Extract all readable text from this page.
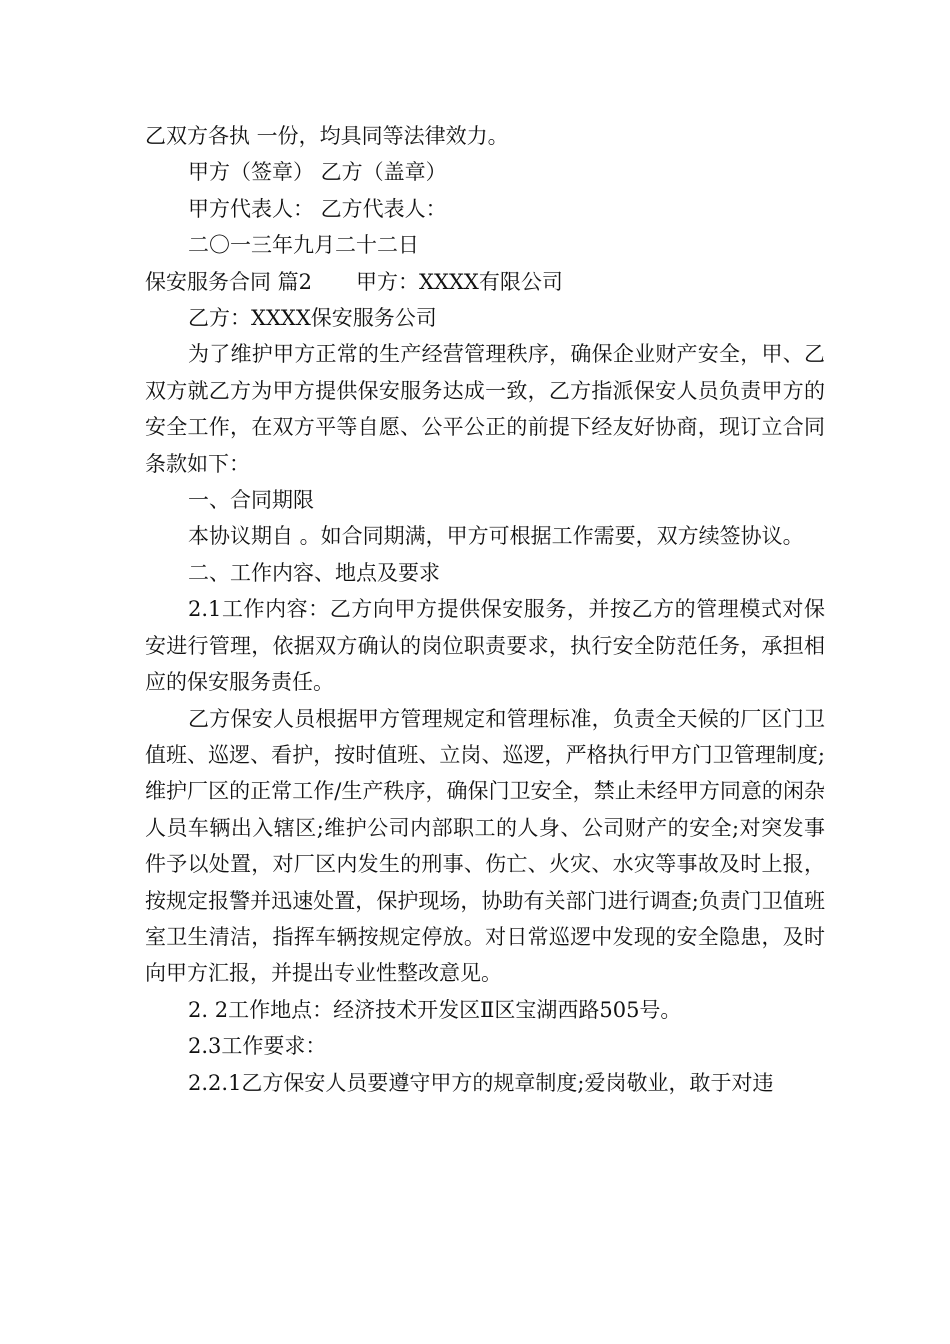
乙双方各执 一份，均具同等法律效力。

甲方（签章） 乙方（盖章）

甲方代表人： 乙方代表人：

二〇一三年九月二十二日

保安服务合同 篇2 甲方：XXXX有限公司

乙方：XXXX保安服务公司

为了维护甲方正常的生产经营管理秩序，确保企业财产安全，甲、乙双方就乙方为甲方提供保安服务达成一致，乙方指派保安人员负责甲方的安全工作，在双方平等自愿、公平公正的前提下经友好协商，现订立合同条款如下：

一、合同期限

本协议期自 。如合同期满，甲方可根据工作需要，双方续签协议。

二、工作内容、地点及要求

2.1工作内容：乙方向甲方提供保安服务，并按乙方的管理模式对保安进行管理，依据双方确认的岗位职责要求，执行安全防范任务，承担相应的保安服务责任。

乙方保安人员根据甲方管理规定和管理标准，负责全天候的厂区门卫值班、巡逻、看护，按时值班、立岗、巡逻，严格执行甲方门卫管理制度;维护厂区的正常工作/生产秩序，确保门卫安全，禁止未经甲方同意的闲杂人员车辆出入辖区;维护公司内部职工的人身、公司财产的安全;对突发事件予以处置，对厂区内发生的刑事、伤亡、火灾、水灾等事故及时上报，按规定报警并迅速处置，保护现场，协助有关部门进行调查;负责门卫值班室卫生清洁，指挥车辆按规定停放。对日常巡逻中发现的安全隐患，及时向甲方汇报，并提出专业性整改意见。

2. 2工作地点：经济技术开发区Ⅱ区宝湖西路505号。

2.3工作要求：

2.2.1乙方保安人员要遵守甲方的规章制度;爱岗敬业，敢于对违
